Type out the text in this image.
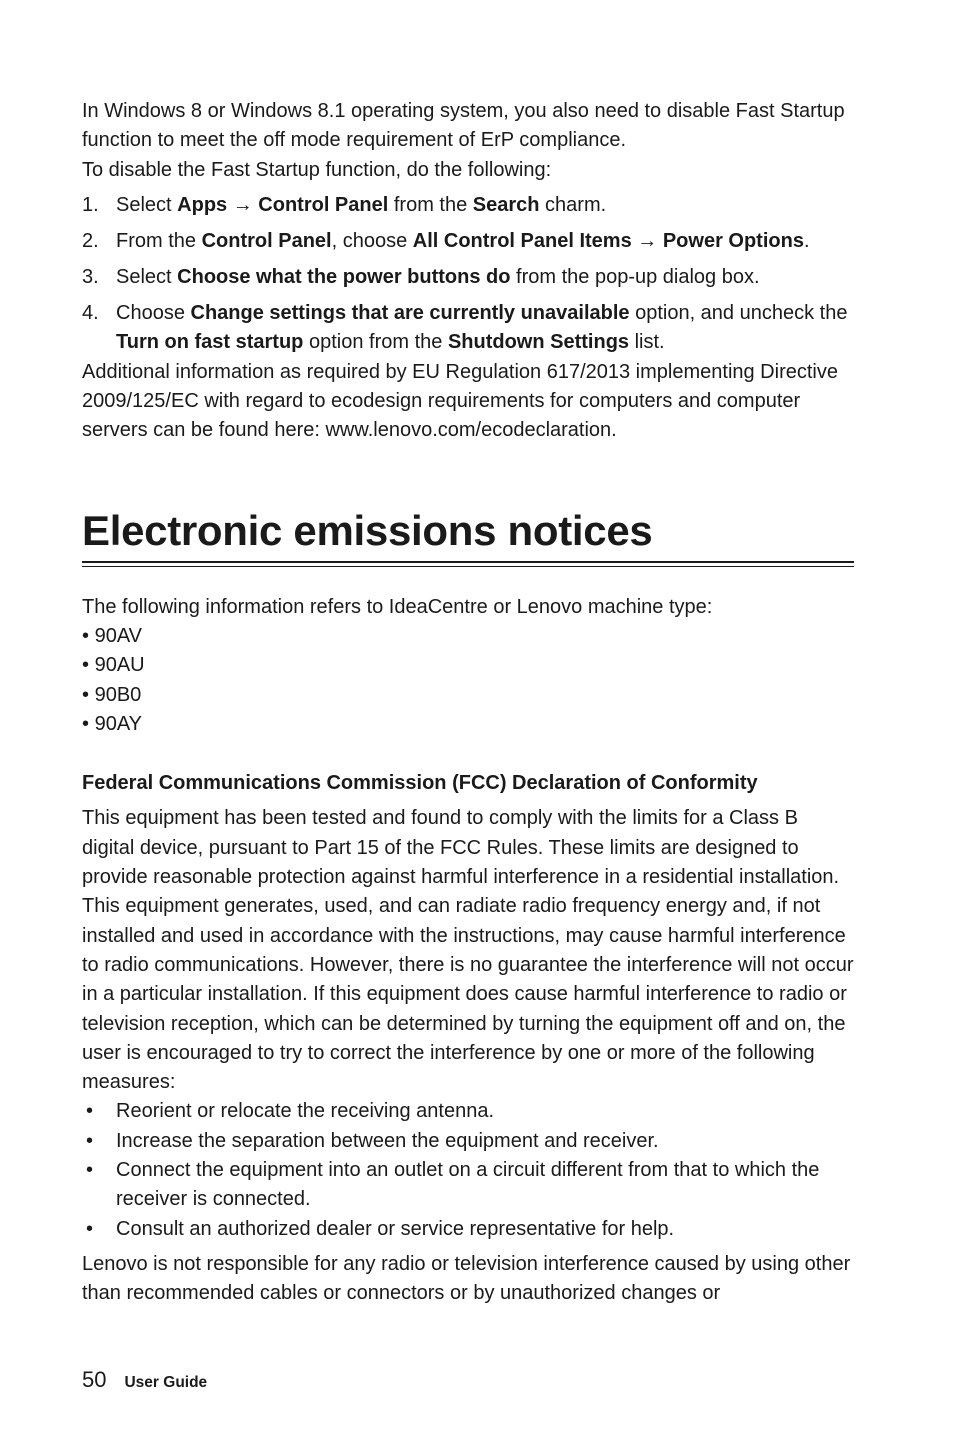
In Windows 8 or Windows 8.1 operating system, you also need to disable Fast Startup function to meet the off mode requirement of ErP compliance.

To disable the Fast Startup function, do the following:

1. Select Apps → Control Panel from the Search charm.
2. From the Control Panel, choose All Control Panel Items → Power Options.
3. Select Choose what the power buttons do from the pop-up dialog box.
4. Choose Change settings that are currently unavailable option, and uncheck the Turn on fast startup option from the Shutdown Settings list.

Additional information as required by EU Regulation 617/2013 implementing Directive 2009/125/EC with regard to ecodesign requirements for computers and computer servers can be found here: www.lenovo.com/ecodeclaration.

Electronic emissions notices

The following information refers to IdeaCentre or Lenovo machine type:

• 90AV
• 90AU
• 90B0
• 90AY
Federal Communications Commission (FCC) Declaration of Conformity

This equipment has been tested and found to comply with the limits for a Class B digital device, pursuant to Part 15 of the FCC Rules. These limits are designed to provide reasonable protection against harmful interference in a residential installation. This equipment generates, used, and can radiate radio frequency energy and, if not installed and used in accordance with the instructions, may cause harmful interference to radio communications. However, there is no guarantee the interference will not occur in a particular installation. If this equipment does cause harmful interference to radio or television reception, which can be determined by turning the equipment off and on, the user is encouraged to try to correct the interference by one or more of the following measures:

• Reorient or relocate the receiving antenna.
• Increase the separation between the equipment and receiver.
• Connect the equipment into an outlet on a circuit different from that to which the receiver is connected.
• Consult an authorized dealer or service representative for help.

Lenovo is not responsible for any radio or television interference caused by using other than recommended cables or connectors or by unauthorized changes or

50 User Guide
